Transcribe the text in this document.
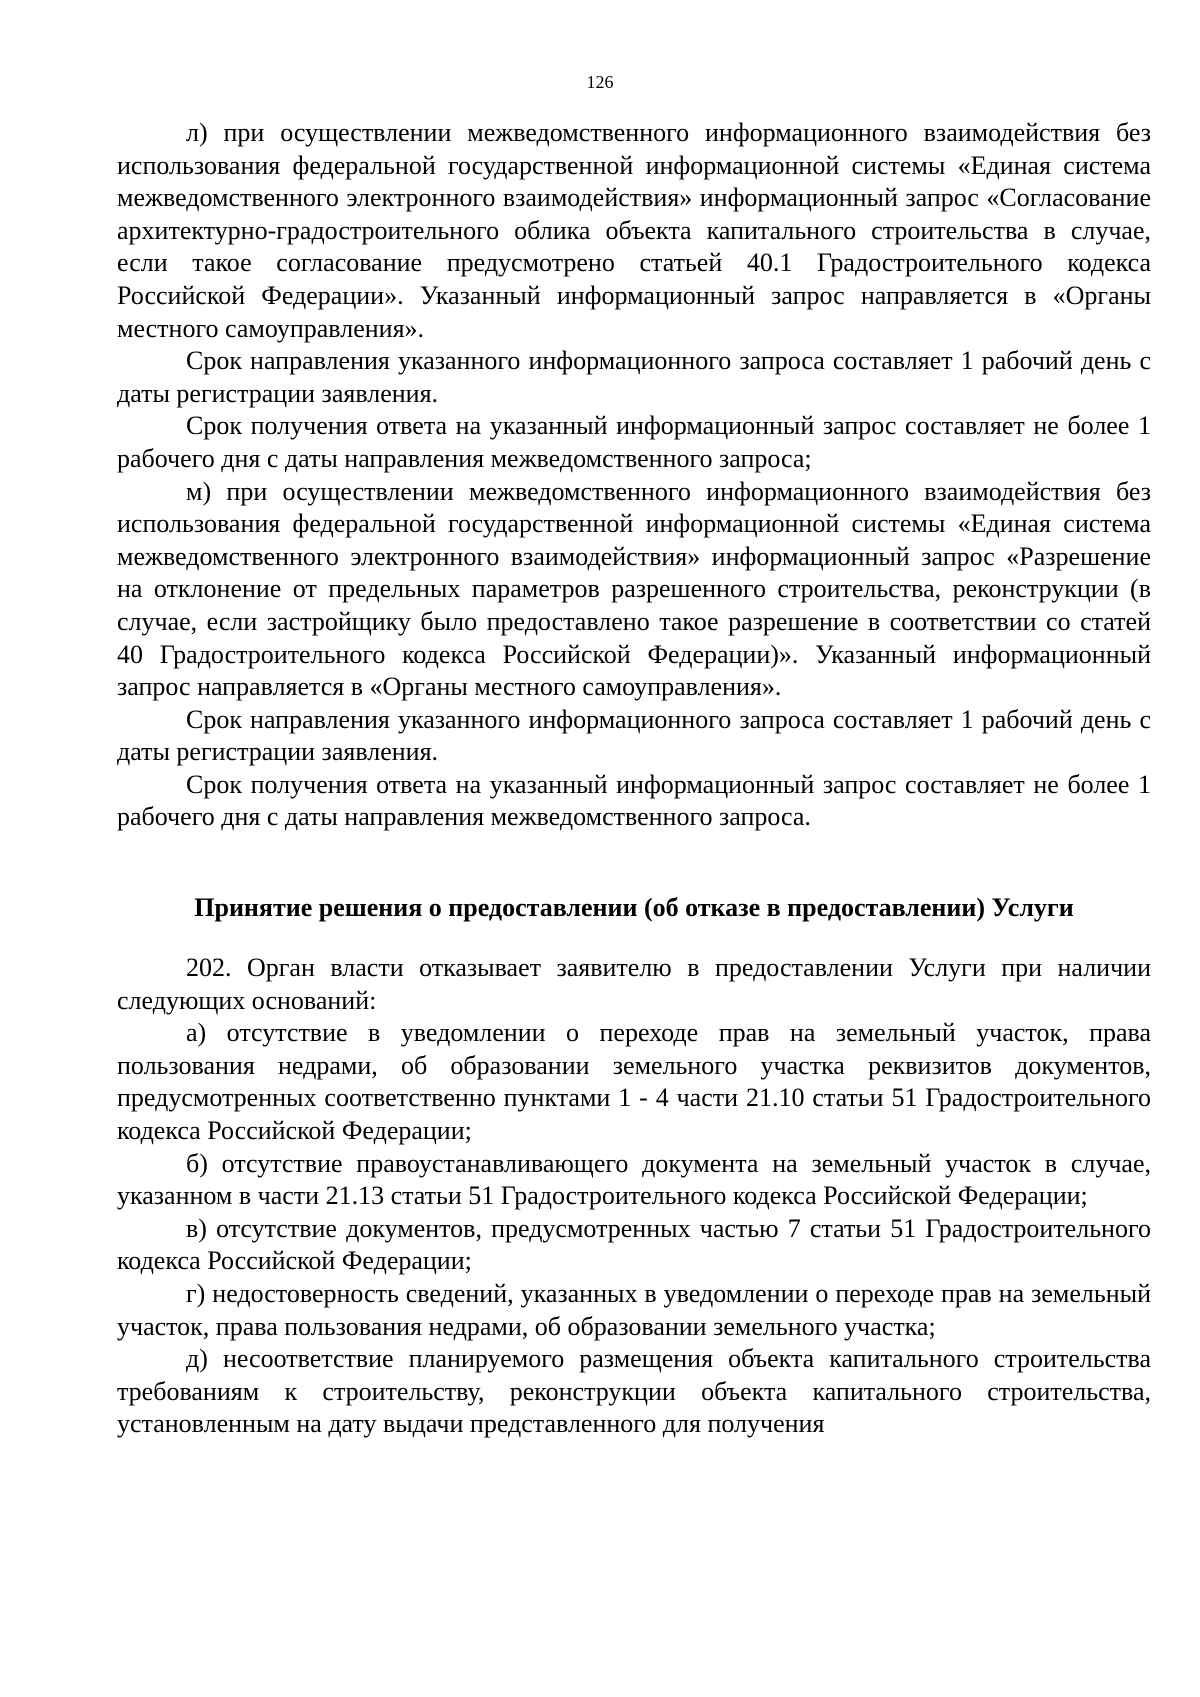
126

л) при осуществлении межведомственного информационного взаимодействия без использования федеральной государственной информационной системы «Единая система межведомственного электронного взаимодействия» информационный запрос «Согласование архитектурно-градостроительного облика объекта капитального строительства в случае, если такое согласование предусмотрено статьей 40.1 Градостроительного кодекса Российской Федерации». Указанный информационный запрос направляется в «Органы местного самоуправления».

Срок направления указанного информационного запроса составляет 1 рабочий день с даты регистрации заявления.

Срок получения ответа на указанный информационный запрос составляет не более 1 рабочего дня с даты направления межведомственного запроса;

м) при осуществлении межведомственного информационного взаимодействия без использования федеральной государственной информационной системы «Единая система межведомственного электронного взаимодействия» информационный запрос «Разрешение на отклонение от предельных параметров разрешенного строительства, реконструкции (в случае, если застройщику было предоставлено такое разрешение в соответствии со статей 40 Градостроительного кодекса Российской Федерации)». Указанный информационный запрос направляется в «Органы местного самоуправления».

Срок направления указанного информационного запроса составляет 1 рабочий день с даты регистрации заявления.

Срок получения ответа на указанный информационный запрос составляет не более 1 рабочего дня с даты направления межведомственного запроса.

Принятие решения о предоставлении (об отказе в предоставлении) Услуги

202. Орган власти отказывает заявителю в предоставлении Услуги при наличии следующих оснований:

а) отсутствие в уведомлении о переходе прав на земельный участок, права пользования недрами, об образовании земельного участка реквизитов документов, предусмотренных соответственно пунктами 1 - 4 части 21.10 статьи 51 Градостроительного кодекса Российской Федерации;

б) отсутствие правоустанавливающего документа на земельный участок в случае, указанном в части 21.13 статьи 51 Градостроительного кодекса Российской Федерации;

в) отсутствие документов, предусмотренных частью 7 статьи 51 Градостроительного кодекса Российской Федерации;

г) недостоверность сведений, указанных в уведомлении о переходе прав на земельный участок, права пользования недрами, об образовании земельного участка;

д) несоответствие планируемого размещения объекта капитального строительства требованиям к строительству, реконструкции объекта капитального строительства, установленным на дату выдачи представленного для получения
